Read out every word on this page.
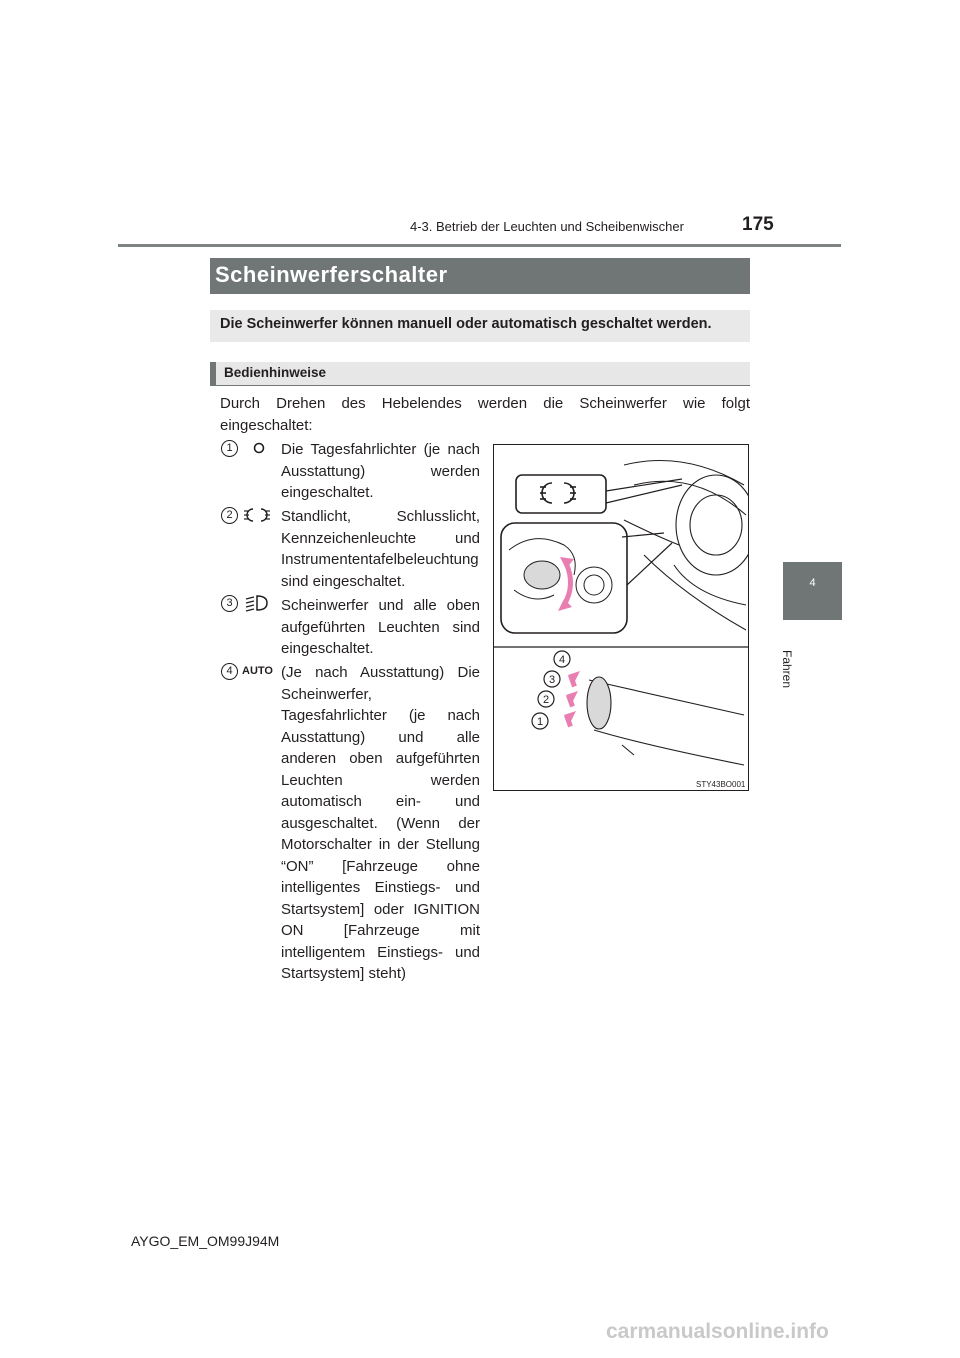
4-3. Betrieb der Leuchten und Scheibenwischer	175
4
Fahren
Scheinwerferschalter
Die Scheinwerfer können manuell oder automatisch geschaltet werden.
Bedienhinweise
Durch Drehen des Hebelendes werden die Scheinwerfer wie folgt eingeschaltet:
1	Die Tagesfahrlichter (je nach Ausstattung) werden eingeschaltet.
2	Standlicht, Schlusslicht, Kennzeichenleuchte und Instrumententafelbeleuchtung sind eingeschaltet.
3	Scheinwerfer und alle oben aufgeführten Leuchten sind eingeschaltet.
4 AUTO (Je nach Ausstattung) Die Scheinwerfer, Tagesfahrlichter (je nach Ausstattung) und alle anderen oben aufgeführten Leuchten werden automatisch ein- und ausgeschaltet. (Wenn der Motorschalter in der Stellung “ON” [Fahrzeuge ohne intelligentes Einstiegs- und Startsystem] oder IGNITION ON [Fahrzeuge mit intelligentem Einstiegs- und Startsystem] steht)
4
3
2
1
STY43BO001
AYGO_EM_OM99J94M
carmanualsonline.info
